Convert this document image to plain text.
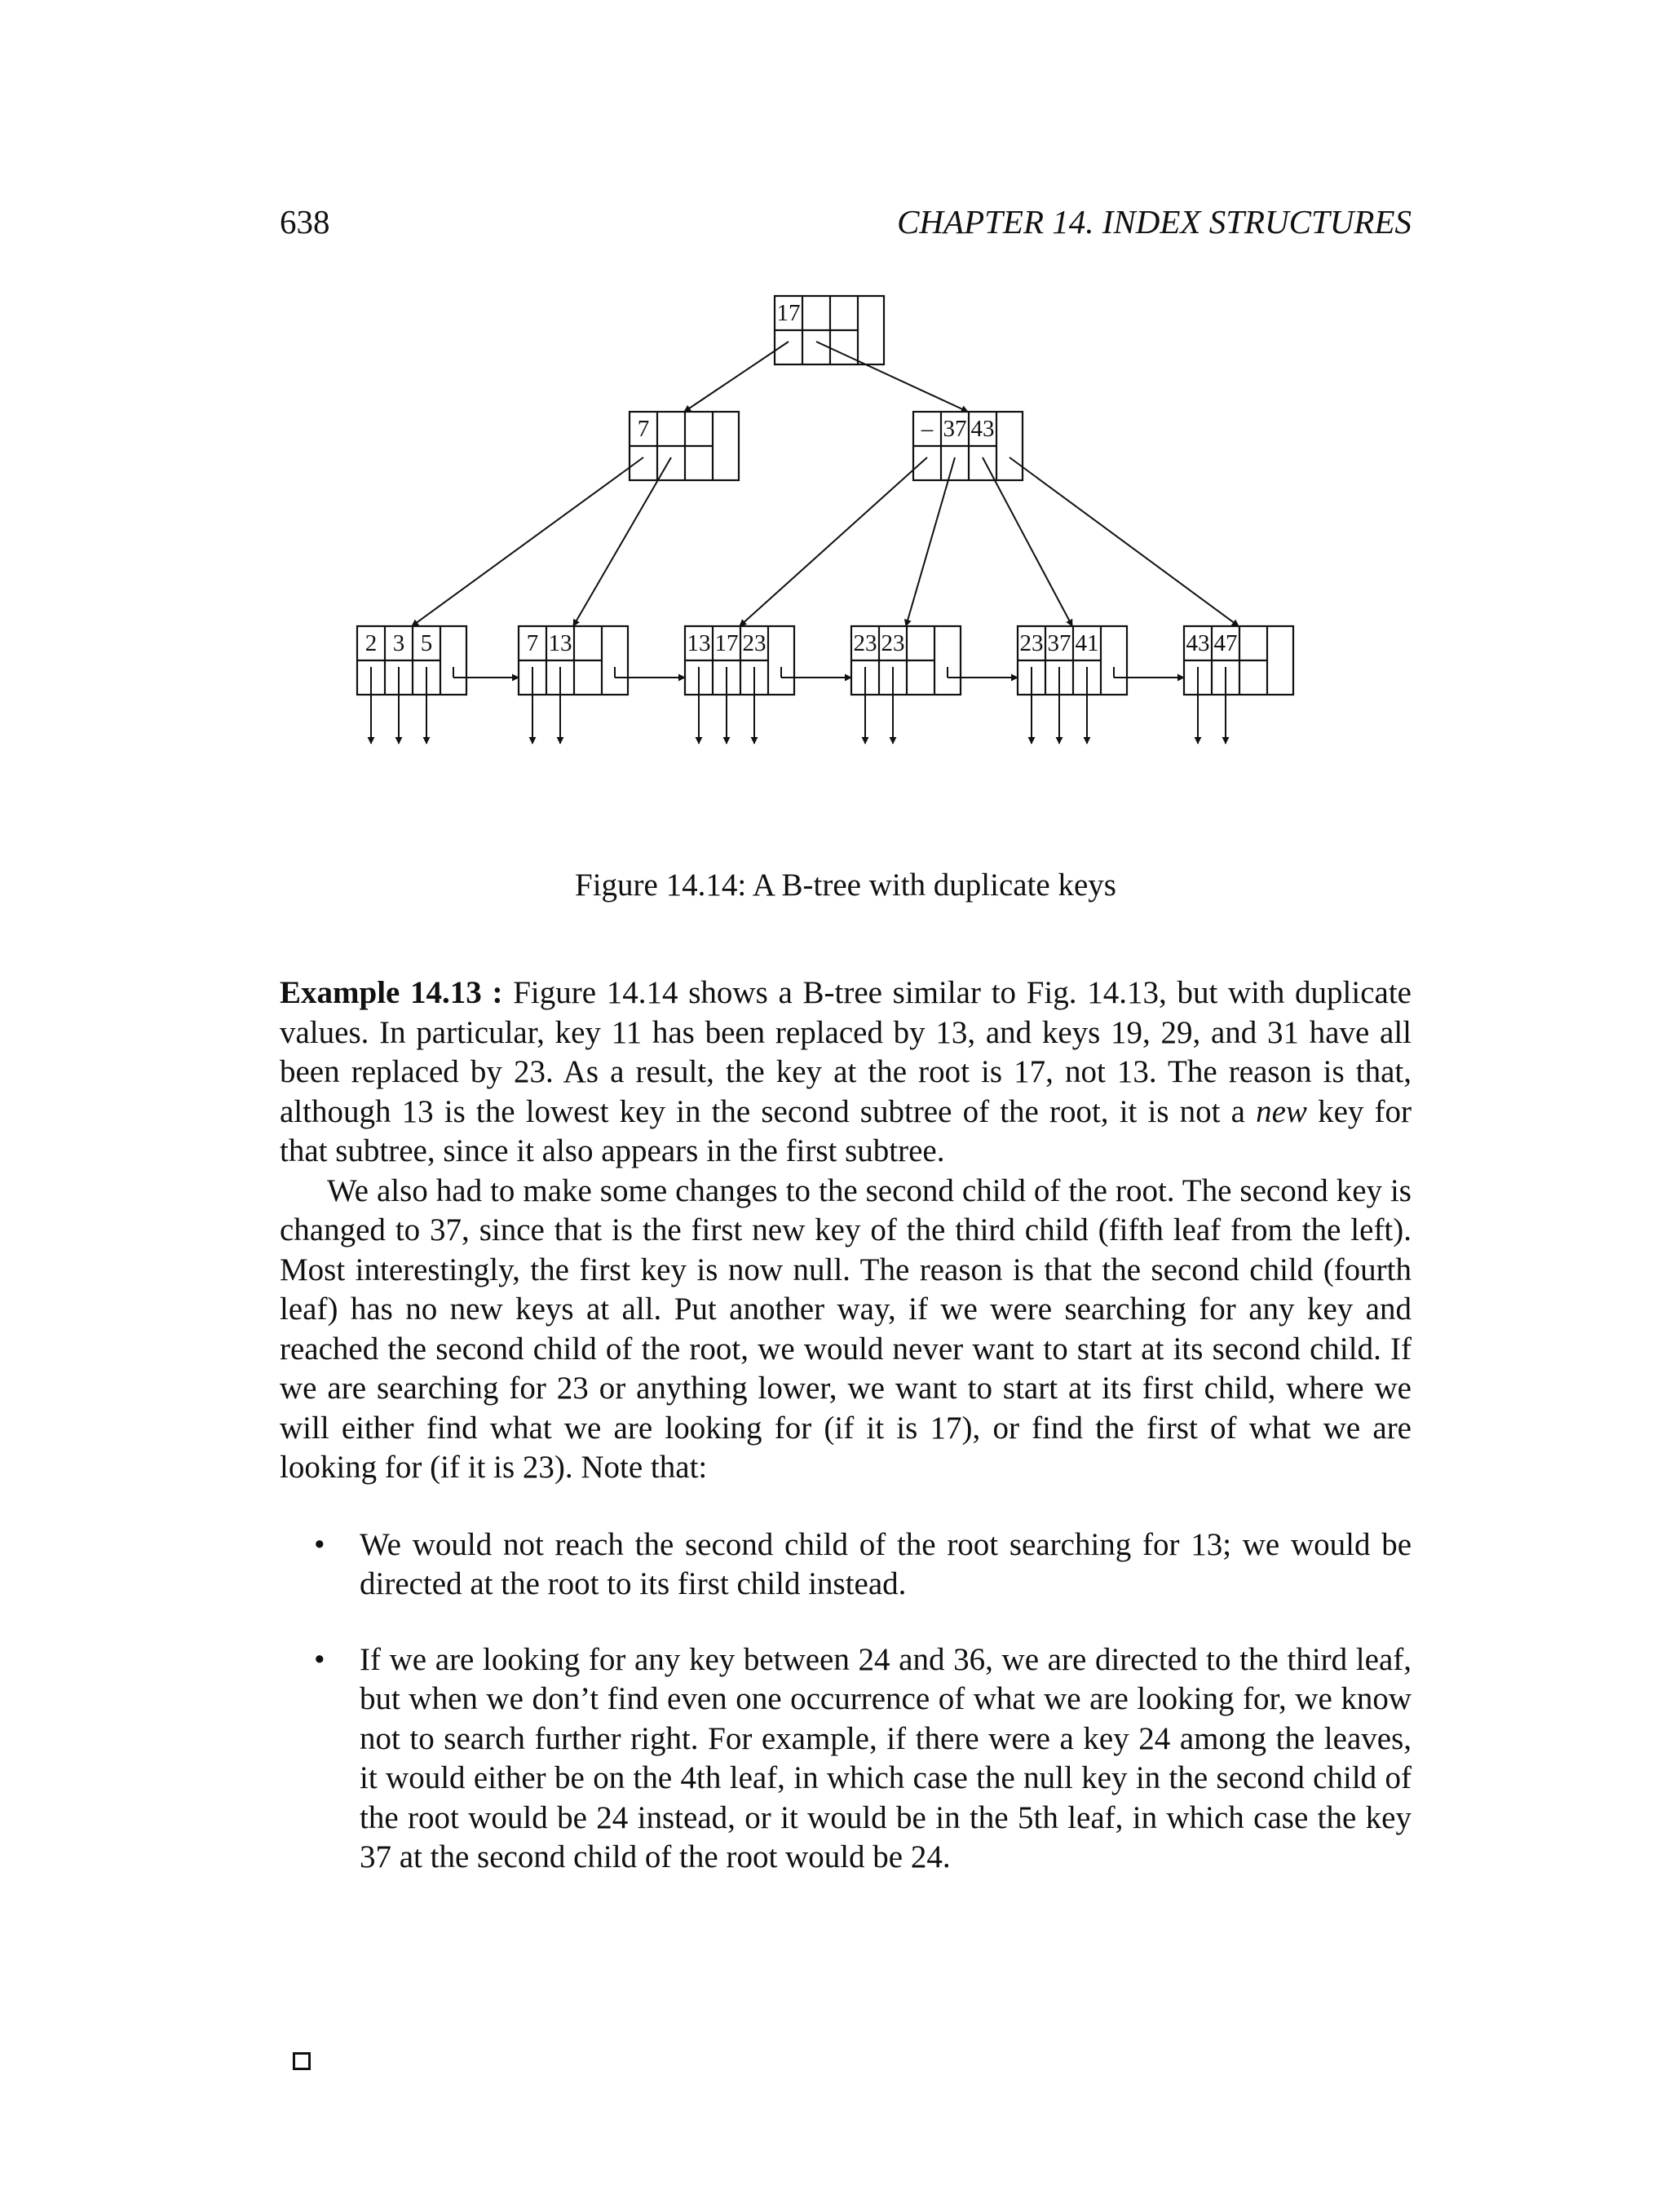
638	CHAPTER 14. INDEX STRUCTURES
17
7	– 37 43
2 3 5	7 13	13 17 23	23 23	23 37 41	43 47
Figure 14.14: A B-tree with duplicate keys

Example 14.13 : Figure 14.14 shows a B-tree similar to Fig. 14.13, but with duplicate values. In particular, key 11 has been replaced by 13, and keys 19, 29, and 31 have all been replaced by 23. As a result, the key at the root is 17, not 13. The reason is that, although 13 is the lowest key in the second subtree of the root, it is not a new key for that subtree, since it also appears in the first subtree.

We also had to make some changes to the second child of the root. The second key is changed to 37, since that is the first new key of the third child (fifth leaf from the left). Most interestingly, the first key is now null. The reason is that the second child (fourth leaf) has no new keys at all. Put another way, if we were searching for any key and reached the second child of the root, we would never want to start at its second child. If we are searching for 23 or anything lower, we want to start at its first child, where we will either find what we are looking for (if it is 17), or find the first of what we are looking for (if it is 23). Note that:

• We would not reach the second child of the root searching for 13; we would be directed at the root to its first child instead.
• If we are looking for any key between 24 and 36, we are directed to the third leaf, but when we don’t find even one occurrence of what we are looking for, we know not to search further right. For example, if there were a key 24 among the leaves, it would either be on the 4th leaf, in which case the null key in the second child of the root would be 24 instead, or it would be in the 5th leaf, in which case the key 37 at the second child of the root would be 24.
